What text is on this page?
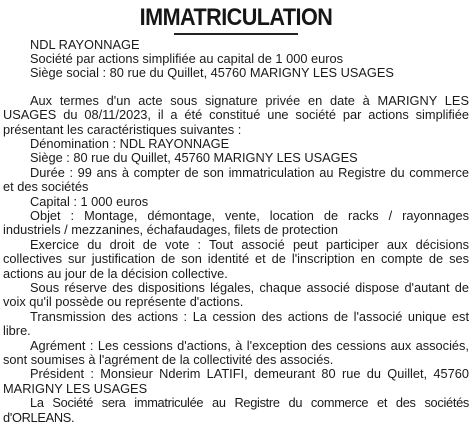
IMMATRICULATION

NDL RAYONNAGE

Société par actions simplifiée au capital de 1 000 euros

Siège social : 80 rue du Quillet, 45760 MARIGNY LES USAGES

Aux termes d'un acte sous signature privée en date à MARIGNY LES USAGES du 08/11/2023, il a été constitué une société par actions simplifiée présentant les caractéristiques suivantes :

Dénomination : NDL RAYONNAGE

Siège : 80 rue du Quillet, 45760 MARIGNY LES USAGES

Durée : 99 ans à compter de son immatriculation au Registre du commerce et des sociétés

Capital : 1 000 euros

Objet : Montage, démontage, vente, location de racks / rayonnages industriels / mezzanines, échafaudages, filets de protection

Exercice du droit de vote : Tout associé peut participer aux décisions collectives sur justification de son identité et de l'inscription en compte de ses actions au jour de la décision collective.

Sous réserve des dispositions légales, chaque associé dispose d'autant de voix qu'il possède ou représente d'actions.

Transmission des actions : La cession des actions de l'associé unique est libre.

Agrément : Les cessions d'actions, à l'exception des cessions aux associés, sont soumises à l'agrément de la collectivité des associés.

Président : Monsieur Nderim LATIFI, demeurant 80 rue du Quillet, 45760 MARIGNY LES USAGES

La Société sera immatriculée au Registre du commerce et des sociétés d'ORLEANS.
